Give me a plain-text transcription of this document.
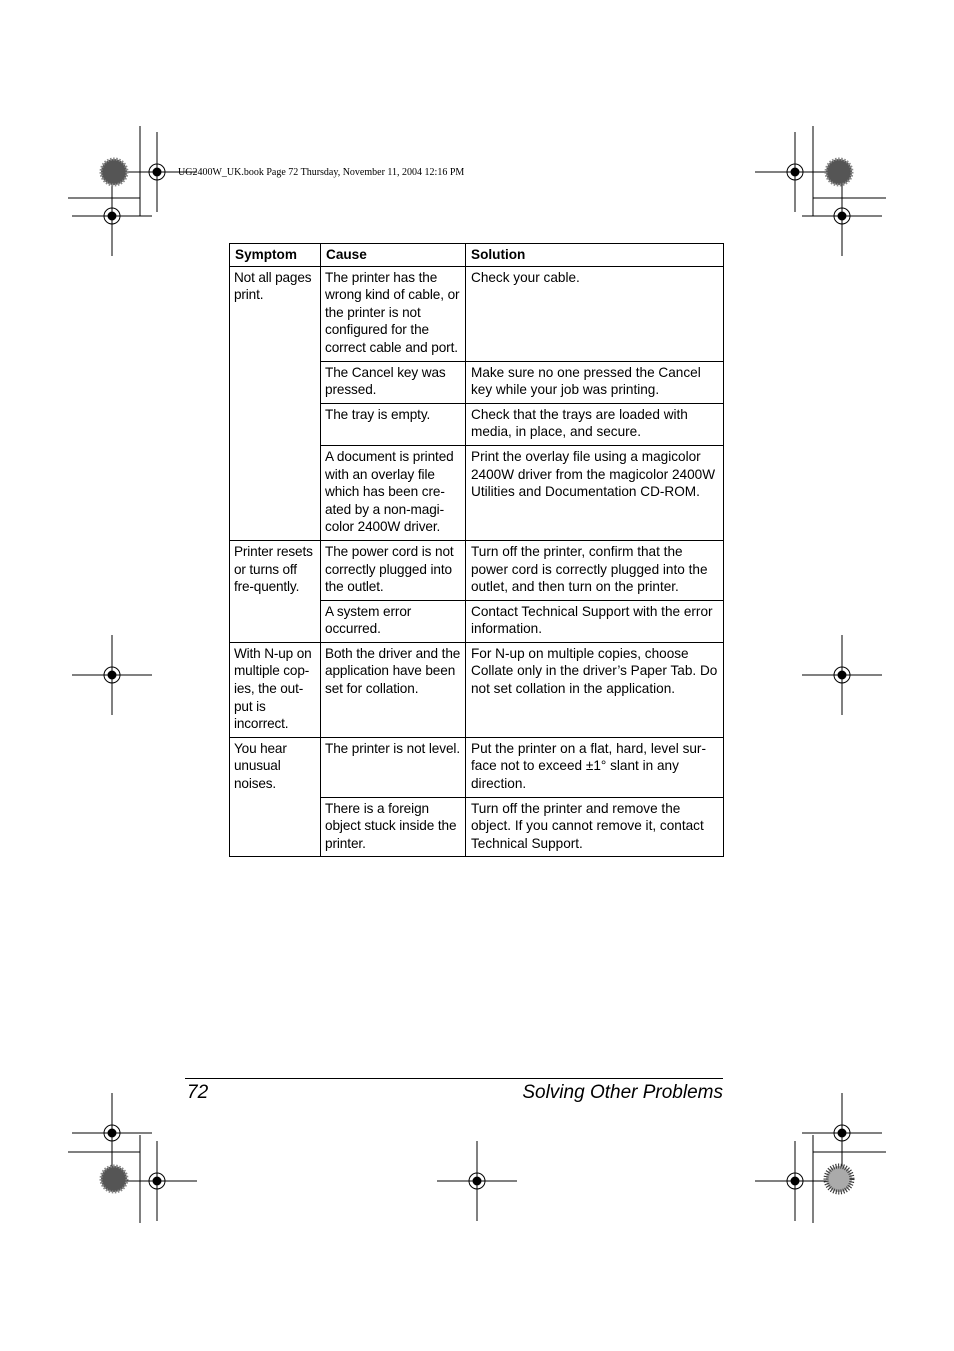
UG2400W_UK.book Page 72 Thursday, November 11, 2004 12:16 PM
Symptom	Cause	Solution
Not all pages print.	The printer has the wrong kind of cable, or the printer is not configured for the correct cable and port.	Check your cable.
	The Cancel key was pressed.	Make sure no one pressed the Cancel key while your job was printing.
	The tray is empty.	Check that the trays are loaded with media, in place, and secure.
	A document is printed with an overlay file which has been cre-ated by a non-magi-color 2400W driver.	Print the overlay file using a magicolor 2400W driver from the magicolor 2400W Utilities and Documentation CD-ROM.
Printer resets or turns off fre-quently.	The power cord is not correctly plugged into the outlet.	Turn off the printer, confirm that the power cord is correctly plugged into the outlet, and then turn on the printer.
	A system error occurred.	Contact Technical Support with the error information.
With N-up on multiple cop-ies, the out-put is incorrect.	Both the driver and the application have been set for collation.	For N-up on multiple copies, choose Collate only in the driver’s Paper Tab. Do not set collation in the application.
You hear unusual noises.	The printer is not level.	Put the printer on a flat, hard, level sur-face not to exceed ±1° slant in any direction.
	There is a foreign object stuck inside the printer.	Turn off the printer and remove the object. If you cannot remove it, contact Technical Support.
72	Solving Other Problems
